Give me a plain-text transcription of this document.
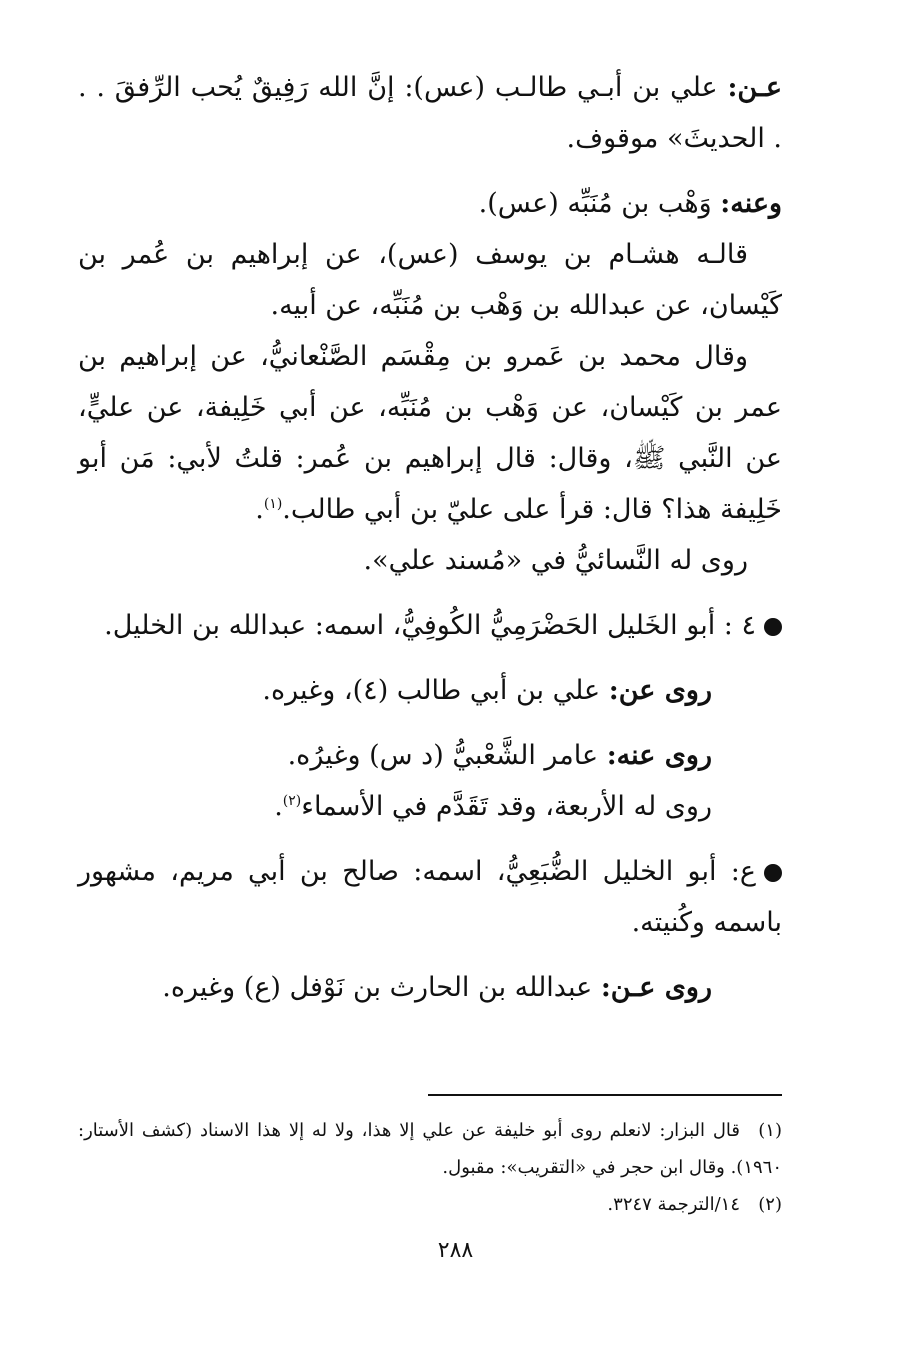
عـن: علي بن أبـي طالـب (عس): إنَّ الله رَفِيقٌ يُحب الرِّفقَ . . . الحديثَ» موقوف.

وعنه: وَهْب بن مُنَبِّه (عس).

قالـه هشـام بن يوسف (عس)، عن إبراهيم بن عُمر بن كَيْسان، عن عبدالله بن وَهْب بن مُنَبِّه، عن أبيه.

وقال محمد بن عَمرو بن مِقْسَم الصَّنْعانيُّ، عن إبراهيم بن عمر بن كَيْسان، عن وَهْب بن مُنَبِّه، عن أبي خَلِيفة، عن عليٍّ، عن النَّبي ﷺ، وقال: قال إبراهيم بن عُمر: قلتُ لأبي: مَن أبو خَلِيفة هذا؟ قال: قرأ على عليّ بن أبي طالب.$^{(١)}$.

روى له النَّسائيُّ في «مُسند علي».

٤ : أبو الخَليل الحَضْرَمِيُّ الكُوفِيُّ، اسمه: عبدالله بن الخليل.

روى عن: علي بن أبي طالب (٤)، وغيره.

روى عنه: عامر الشَّعْبيُّ (د س) وغيرُه.

روى له الأربعة، وقد تَقَدَّم في الأسماء$^{(٢)}$.

ع: أبو الخليل الضُّبَعِيُّ، اسمه: صالح بن أبي مريم، مشهور باسمه وكُنيته.

روى عـن: عبدالله بن الحارث بن نَوْفل (ع) وغيره.

(١)قال البزار: لانعلم روى أبو خليفة عن علي إلا هذا، ولا له إلا هذا الاسناد (كشف الأستار: ١٩٦٠). وقال ابن حجر في «التقريب»: مقبول.

(٢)١٤/الترجمة ٣٢٤٧.

٢٨٨
